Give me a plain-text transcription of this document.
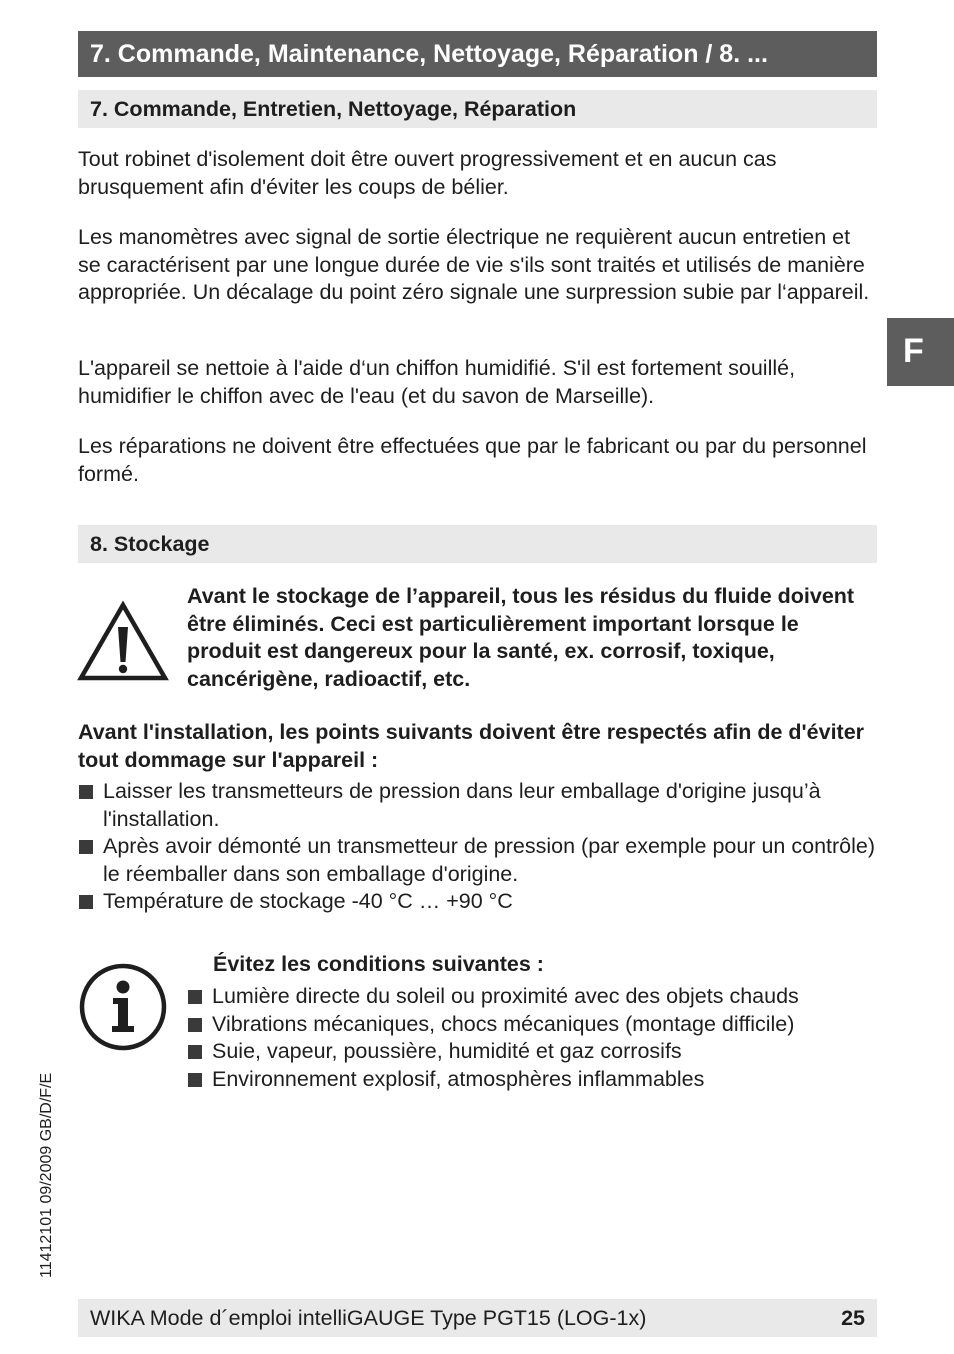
7. Commande, Maintenance, Nettoyage, Réparation / 8. ...
7. Commande, Entretien, Nettoyage, Réparation

Tout robinet d'isolement doit être ouvert progressivement et en aucun cas brusquement afin d'éviter les coups de bélier.

Les manomètres avec signal de sortie électrique ne requièrent aucun entretien et se caractérisent par une longue durée de vie s'ils sont traités et utilisés de manière appropriée. Un décalage du point zéro signale une surpression subie par l‘appareil.

L'appareil se nettoie à l'aide d‘un chiffon humidifié. S'il est fortement souillé, humidifier le chiffon avec de l'eau (et du savon de Marseille).

Les réparations ne doivent être effectuées que par le fabricant ou par du personnel formé.

F
8. Stockage

Avant le stockage de l’appareil, tous les résidus du fluide doivent être éliminés. Ceci est particulièrement important lorsque le produit est dangereux pour la santé, ex. corrosif, toxique, cancérigène, radioactif, etc.

Avant l'installation, les points suivants doivent être respectés afin de d'éviter tout dommage sur l'appareil :

Laisser les transmetteurs de pression dans leur emballage d'origine jusqu’à l'installation.
Après avoir démonté un transmetteur de pression (par exemple pour un contrôle) le réemballer dans son emballage d'origine.
Température de stockage -40 °C … +90 °C

Évitez les conditions suivantes :

Lumière directe du soleil ou proximité avec des objets chauds
Vibrations mécaniques, chocs mécaniques (montage difficile)
Suie, vapeur, poussière, humidité et gaz corrosifs
Environnement explosif, atmosphères inflammables
11412101 09/2009 GB/D/F/E
WIKA Mode d´emploi intelliGAUGE Type PGT15 (LOG-1x)	25
